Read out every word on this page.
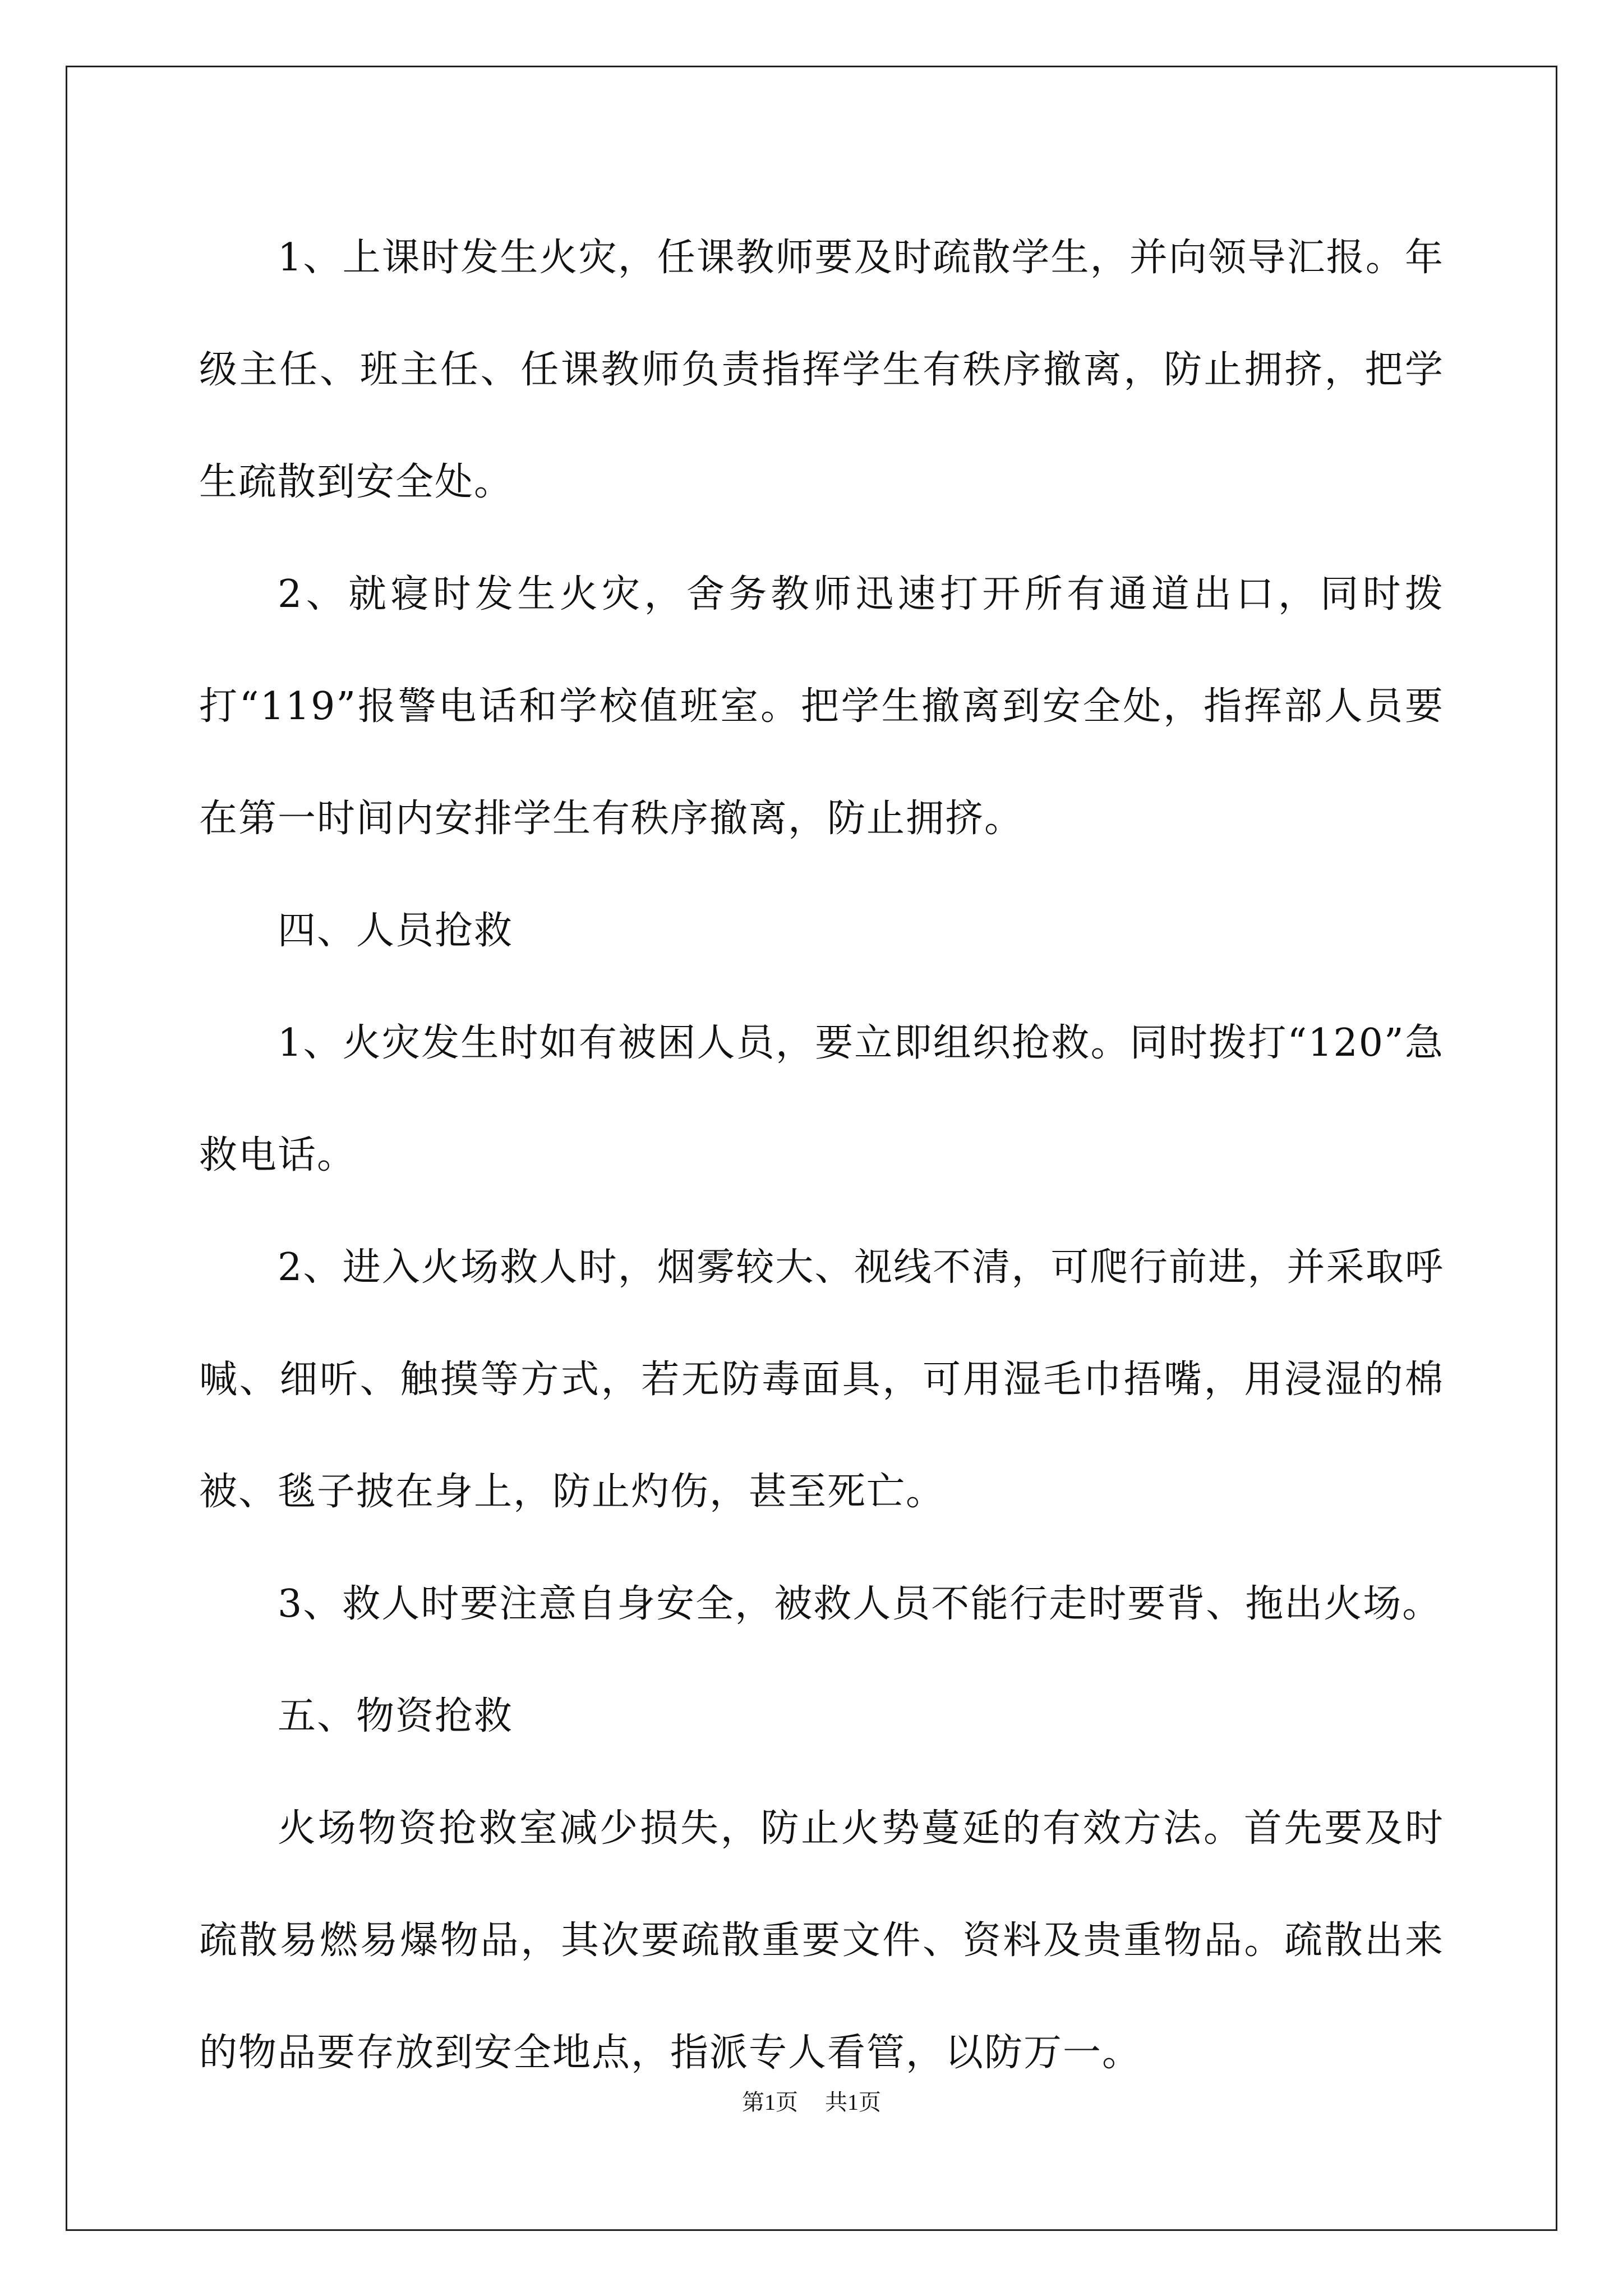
1、上课时发生火灾，任课教师要及时疏散学生，并向领导汇报。年级主任、班主任、任课教师负责指挥学生有秩序撤离，防止拥挤，把学生疏散到安全处。

2、就寝时发生火灾，舍务教师迅速打开所有通道出口，同时拨打“119”报警电话和学校值班室。把学生撤离到安全处，指挥部人员要在第一时间内安排学生有秩序撤离，防止拥挤。

四、人员抢救

1、火灾发生时如有被困人员，要立即组织抢救。同时拨打“120”急救电话。

2、进入火场救人时，烟雾较大、视线不清，可爬行前进，并采取呼喊、细听、触摸等方式，若无防毒面具，可用湿毛巾捂嘴，用浸湿的棉被、毯子披在身上，防止灼伤，甚至死亡。

3、救人时要注意自身安全，被救人员不能行走时要背、拖出火场。

五、物资抢救

火场物资抢救室减少损失，防止火势蔓延的有效方法。首先要及时疏散易燃易爆物品，其次要疏散重要文件、资料及贵重物品。疏散出来的物品要存放到安全地点，指派专人看管，以防万一。

第1页 共1页
